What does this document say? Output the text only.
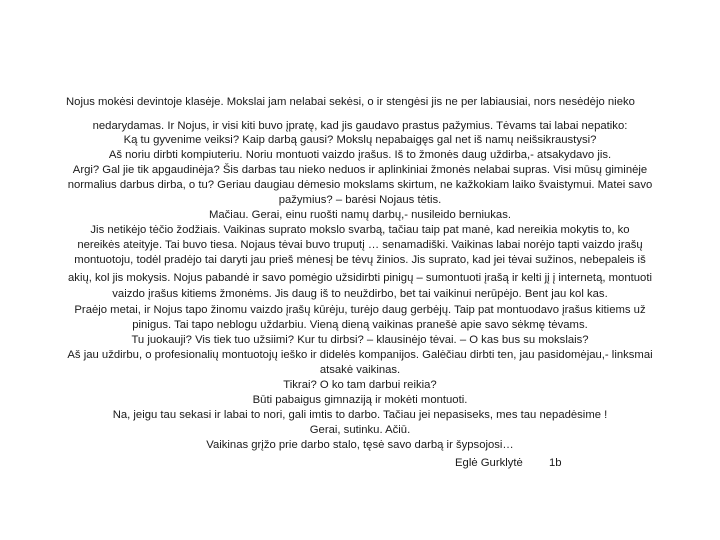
Nojus mokėsi devintoje klasėje. Mokslai jam nelabai sekėsi, o ir stengėsi jis ne per labiausiai, nors nesėdėjo nieko
nedarydamas. Ir Nojus, ir visi kiti buvo įpratę, kad jis gaudavo prastus pažymius. Tėvams tai labai nepatiko:
Ką tu gyvenime veiksi? Kaip darbą gausi? Mokslų nepabaigęs gal net iš namų neišsikraustysi?
Aš noriu dirbti kompiuteriu. Noriu montuoti vaizdo įrašus. Iš to žmonės daug uždirba,- atsakydavo jis.
Argi? Gal jie tik apgaudinėja? Šis darbas tau nieko neduos ir aplinkiniai žmonės nelabai supras. Visi mūsų giminėje
normalius darbus dirba, o tu? Geriau daugiau dėmesio mokslams skirtum, ne kažkokiam laiko švaistymui. Matei savo
pažymius? – barėsi Nojaus tėtis.
Mačiau. Gerai, einu ruošti namų darbų,- nusileido berniukas.
Jis netikėjo tėčio žodžiais. Vaikinas suprato mokslo svarbą, tačiau taip pat manė, kad nereikia mokytis to, ko
nereikės ateityje. Tai buvo tiesa. Nojaus tėvai buvo truputį … senamadiški. Vaikinas labai norėjo tapti vaizdo įrašų
montuotoju, todėl pradėjo tai daryti jau prieš mėnesį be tėvų žinios. Jis suprato, kad jei tėvai sužinos, nebepaleis iš
akių, kol jis mokysis. Nojus pabandė ir savo pomėgio užsidirbti pinigų – sumontuoti įrašą ir kelti jį į internetą, montuoti
vaizdo įrašus kitiems žmonėms. Jis daug iš to neuždirbo, bet tai vaikinui nerūpėjo. Bent jau kol kas.
Praėjo metai, ir Nojus tapo žinomu vaizdo įrašų kūrėju, turėjo daug gerbėjų. Taip pat montuodavo įrašus kitiems už
pinigus. Tai tapo neblogu uždarbiu. Vieną dieną vaikinas pranešė apie savo sėkmę tėvams.
Tu juokauji? Vis tiek tuo užsiimi? Kur tu dirbsi? – klausinėjo tėvai. – O kas bus su mokslais?
Aš jau uždirbu, o profesionalių montuotojų ieško ir didelės kompanijos. Galėčiau dirbti ten, jau pasidomėjau,- linksmai
atsakė vaikinas.
Tikrai? O ko tam darbui reikia?
Būti pabaigus gimnaziją ir mokėti montuoti.
Na, jeigu tau sekasi ir labai to nori, gali imtis to darbo. Tačiau jei nepasiseks, mes tau nepadėsime !
Gerai, sutinku. Ačiū.
Vaikinas grįžo prie darbo stalo, tęsė savo darbą ir šypsojosi…
Eglė Gurklytė 1b
